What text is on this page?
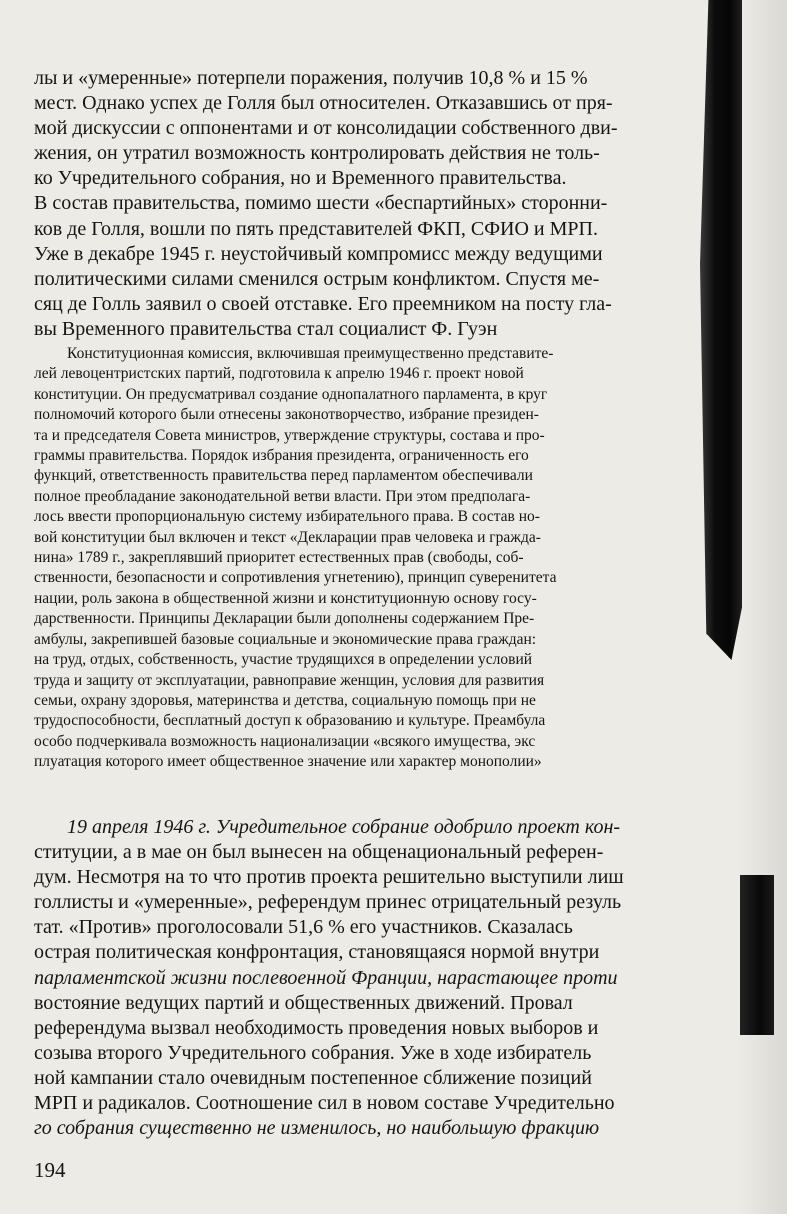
лы и «умеренные» потерпели поражения, получив 10,8 % и 15 %
мест. Однако успех де Голля был относителен. Отказавшись от пря-
мой дискуссии с оппонентами и от консолидации собственного дви-
жения, он утратил возможность контролировать действия не толь-
ко Учредительного собрания, но и Временного правительства.
В состав правительства, помимо шести «беспартийных» сторонни-
ков де Голля, вошли по пять представителей ФКП, СФИО и МРП.
Уже в декабре 1945 г. неустойчивый компромисс между ведущими
политическими силами сменился острым конфликтом. Спустя ме-
сяц де Голль заявил о своей отставке. Его преемником на посту гла-
вы Временного правительства стал социалист Ф. Гуэн
Конституционная комиссия, включившая преимущественно представите-
лей левоцентристских партий, подготовила к апрелю 1946 г. проект новой
конституции. Он предусматривал создание однопалатного парламента, в круг
полномочий которого были отнесены законотворчество, избрание президен-
та и председателя Совета министров, утверждение структуры, состава и про-
граммы правительства. Порядок избрания президента, ограниченность его
функций, ответственность правительства перед парламентом обеспечивали
полное преобладание законодательной ветви власти. При этом предполага-
лось ввести пропорциональную систему избирательного права. В состав но-
вой конституции был включен и текст «Декларации прав человека и гражда-
нина» 1789 г., закреплявший приоритет естественных прав (свободы, соб-
ственности, безопасности и сопротивления угнетению), принцип суверенитета
нации, роль закона в общественной жизни и конституционную основу госу-
дарственности. Принципы Декларации были дополнены содержанием Пре-
амбулы, закрепившей базовые социальные и экономические права граждан:
на труд, отдых, собственность, участие трудящихся в определении условий
труда и защиту от эксплуатации, равноправие женщин, условия для развития
семьи, охрану здоровья, материнства и детства, социальную помощь при не
трудоспособности, бесплатный доступ к образованию и культуре. Преамбула
особо подчеркивала возможность национализации «всякого имущества, экс
плуатация которого имеет общественное значение или характер монополии»
19 апреля 1946 г. Учредительное собрание одобрило проект кон-
ституции, а в мае он был вынесен на общенациональный референ-
дум. Несмотря на то что против проекта решительно выступили лиш
голлисты и «умеренные», референдум принес отрицательный резуль
тат. «Против» проголосовали 51,6 % его участников. Сказалась
острая политическая конфронтация, становящаяся нормой внутри
парламентской жизни послевоенной Франции, нарастающее проти
востояние ведущих партий и общественных движений. Провал
референдума вызвал необходимость проведения новых выборов и
созыва второго Учредительного собрания. Уже в ходе избиратель
ной кампании стало очевидным постепенное сближение позиций
МРП и радикалов. Соотношение сил в новом составе Учредительно
го собрания существенно не изменилось, но наибольшую фракцию
194
